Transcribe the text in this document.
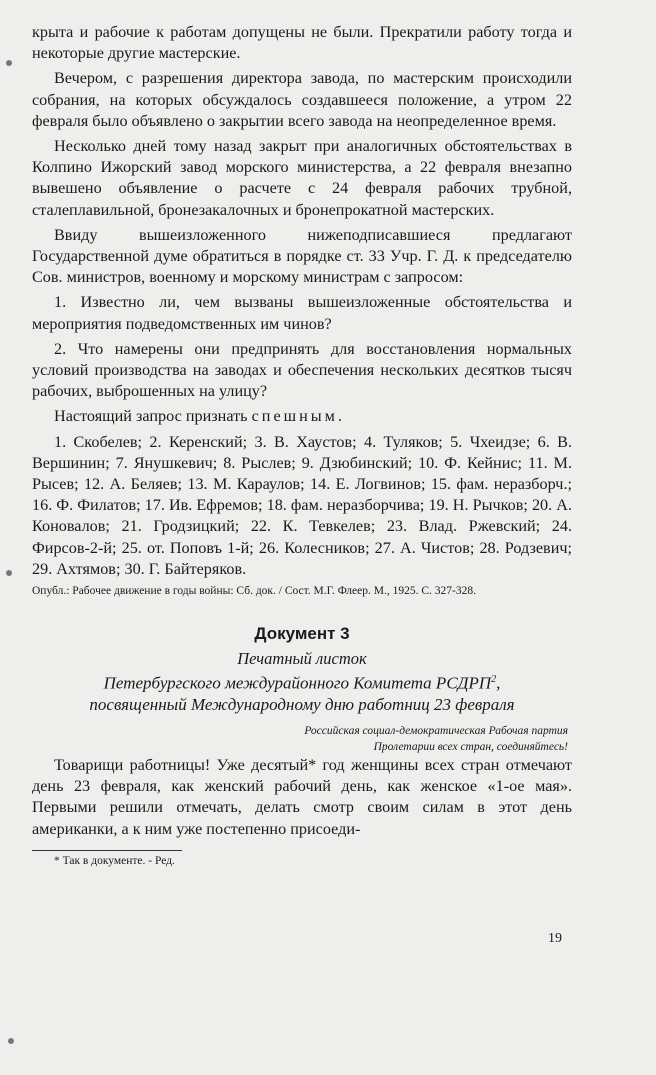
крыта и рабочие к работам допущены не были. Прекратили работу тогда и некоторые другие мастерские.

Вечером, с разрешения директора завода, по мастерским происходили собрания, на которых обсуждалось создавшееся положение, а утром 22 февраля было объявлено о закрытии всего завода на неопределенное время.

Несколько дней тому назад закрыт при аналогичных обстоятельствах в Колпино Ижорский завод морского министерства, а 22 февраля внезапно вывешено объявление о расчете с 24 февраля рабочих трубной, сталеплавильной, бронезакалочных и бронепрокатной мастерских.

Ввиду вышеизложенного нижеподписавшиеся предлагают Государственной думе обратиться в порядке ст. 33 Учр. Г. Д. к председателю Сов. министров, военному и морскому министрам с запросом:

1. Известно ли, чем вызваны вышеизложенные обстоятельства и мероприятия подведомственных им чинов?

2. Что намерены они предпринять для восстановления нормальных условий производства на заводах и обеспечения нескольких десятков тысяч рабочих, выброшенных на улицу?

Настоящий запрос признать спешным.

1. Скобелев; 2. Керенский; 3. В. Хаустов; 4. Туляков; 5. Чхеидзе; 6. В. Вершинин; 7. Янушкевич; 8. Рыслев; 9. Дзюбинский; 10. Ф. Кейнис; 11. М. Рысев; 12. А. Беляев; 13. М. Караулов; 14. Е. Логвинов; 15. фам. неразборч.; 16. Ф. Филатов; 17. Ив. Ефремов; 18. фам. неразборчива; 19. Н. Рычков; 20. А. Коновалов; 21. Гродзицкий; 22. К. Тевкелев; 23. Влад. Ржевский; 24. Фирсов-2-й; 25. от. Поповъ 1-й; 26. Колесников; 27. А. Чистов; 28. Родзевич; 29. Ахтямов; 30. Г. Байтеряков.

Опубл.: Рабочее движение в годы войны: Сб. док. / Сост. М.Г. Флеер. М., 1925. С. 327-328.

Документ 3
Печатный листок
Петербургского междурайонного Комитета РСДРП$^2$,
посвященный Международному дню работниц 23 февраля
Российская социал-демократическая Рабочая партия
Пролетарии всех стран, соединяйтесь!

Товарищи работницы! Уже десятый* год женщины всех стран отмечают день 23 февраля, как женский рабочий день, как женское «1-ое мая». Первыми решили отмечать, делать смотр своим силам в этот день американки, а к ним уже постепенно присоеди-

* Так в документе. - Ред.

19
